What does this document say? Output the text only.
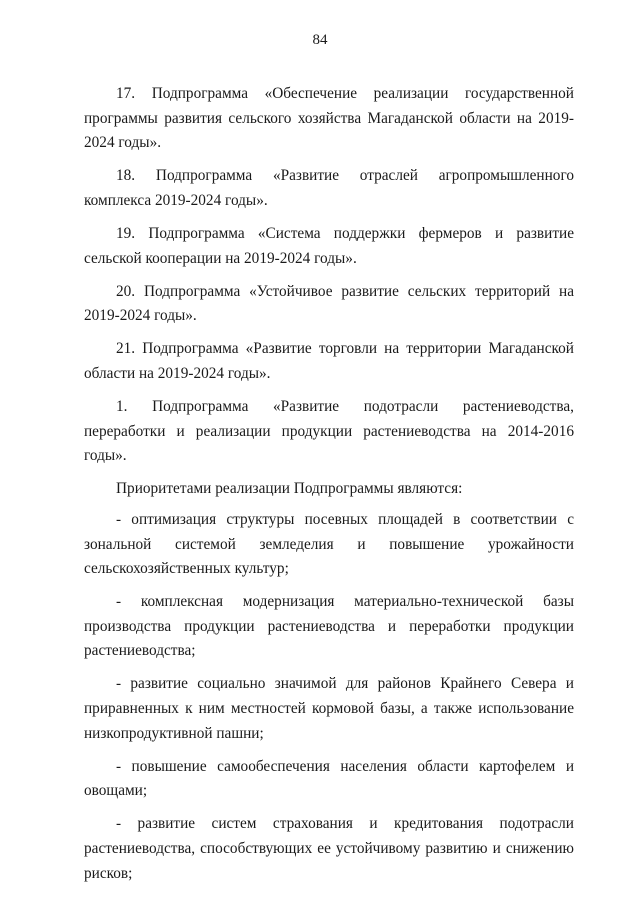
84

17. Подпрограмма «Обеспечение реализации государственной программы развития сельского хозяйства Магаданской области на 2019-2024 годы».

18. Подпрограмма «Развитие отраслей агропромышленного комплекса 2019-2024 годы».

19. Подпрограмма «Система поддержки фермеров и развитие сельской кооперации на 2019-2024 годы».

20. Подпрограмма «Устойчивое развитие сельских территорий на 2019-2024 годы».

21. Подпрограмма «Развитие торговли на территории Магаданской области на 2019-2024 годы».

1. Подпрограмма «Развитие подотрасли растениеводства, переработки и реализации продукции растениеводства на 2014-2016 годы».

Приоритетами реализации Подпрограммы являются:

- оптимизация структуры посевных площадей в соответствии с зональной системой земледелия и повышение урожайности сельскохозяйственных культур;

- комплексная модернизация материально-технической базы производства продукции растениеводства и переработки продукции растениеводства;

- развитие социально значимой для районов Крайнего Севера и приравненных к ним местностей кормовой базы, а также использование низкопродуктивной пашни;

- повышение самообеспечения населения области картофелем и овощами;

- развитие систем страхования и кредитования подотрасли растениеводства, способствующих ее устойчивому развитию и снижению рисков;
